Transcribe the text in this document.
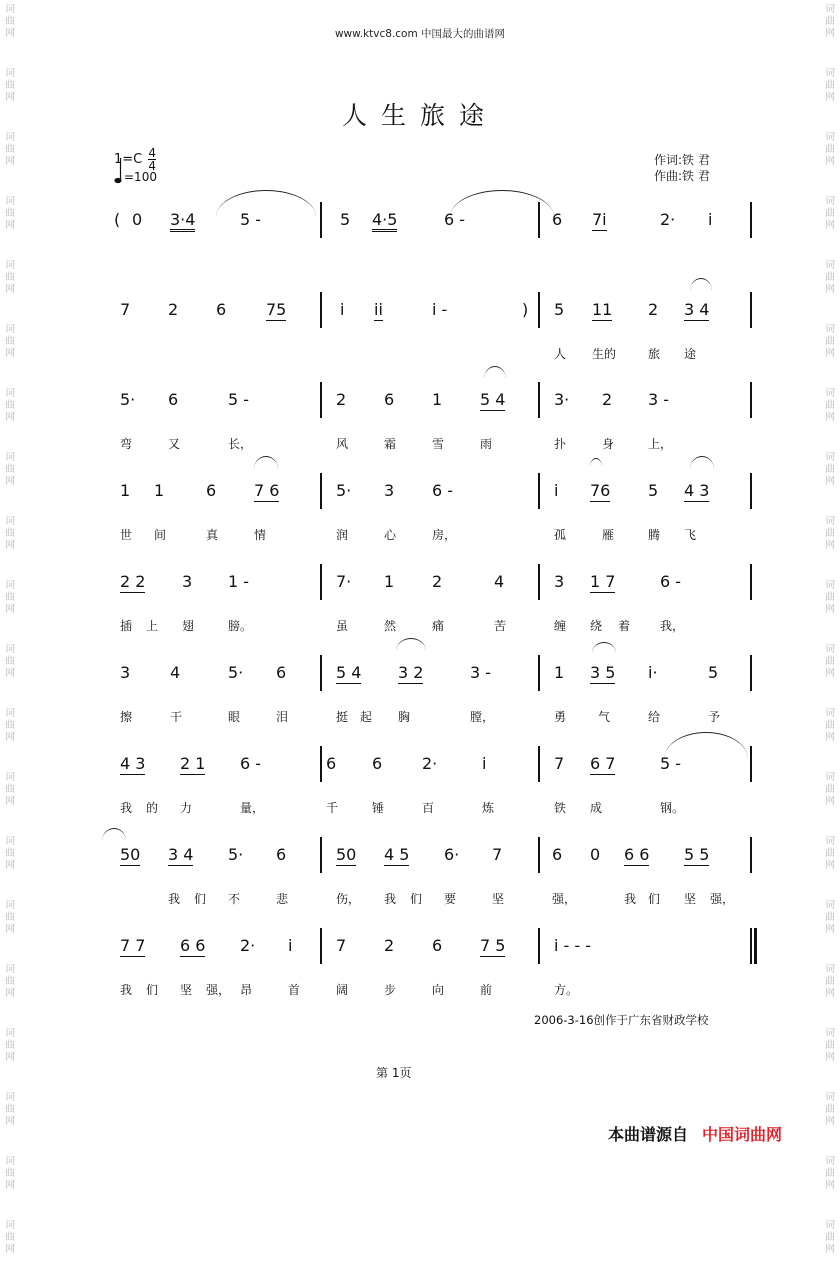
词
曲
网
词
曲
网
词
曲
网
词
曲
网
词
曲
网
词
曲
网
词
曲
网
词
曲
网
词
曲
网
词
曲
网
词
曲
网
词
曲
网
词
曲
网
词
曲
网
词
曲
网
词
曲
网
词
曲
网
词
曲
网
词
曲
网
词
曲
网
词
曲
网
词
曲
网
词
曲
网
词
曲
网
词
曲
网
词
曲
网
词
曲
网
词
曲
网
词
曲
网
词
曲
网
词
曲
网
词
曲
网
词
曲
网
词
曲
网
词
曲
网
词
曲
网
词
曲
网
词
曲
网
词
曲
网
词
曲
网
www.ktvc8.com 中国最大的曲谱网
人生旅途
$1=C \frac{4}{4}$
=100
作词:铁 君
作曲:铁 君
( 0 3·4	5 -	5 4·5	6 -	6 7i	2· i
7 2 6 75	i ii	i -	) 5 11 2 3 4
人 生的	旅 途
5· 6	5 -	2 6 1 5 4	3· 2 3 -
弯	又	长，	风	霜	雪	雨	扑	身	上，
1 1	6 7 6	5· 3 6 -	i 76 5 4 3
世 间	真	情	润	心	房，	孤	雁	腾 飞
2 2 3 1 -	7· 1 2	4	3 1 7	6 -
插 上 翅	膀。	虽	然	痛	苦	缠 绕 着 我，
3 4	5· 6	5 4 3 2	3 -	1 3 5 i·	5
擦	干	眼	泪	挺 起 胸	膛，	勇	气	给	予
4 3 2 1 6 -	6 6 2·	i	7 6 7	5 -
我 的 力	量，	千	锤	百	炼	铁 成	钢。
50 3 4 5· 6	50 4 5 6· 7	6 0 6 6 5 5
我 们 不	悲	伤， 我 们 要	坚	强，	我 们 坚 强，
7 7 6 6 2· i	7 2 6 7 5	i - - -
我 们 坚 强， 昂	首	阔	步	向	前	方。
2006-3-16创作于广东省财政学校
第 1页
本曲谱源自 中国词曲网
